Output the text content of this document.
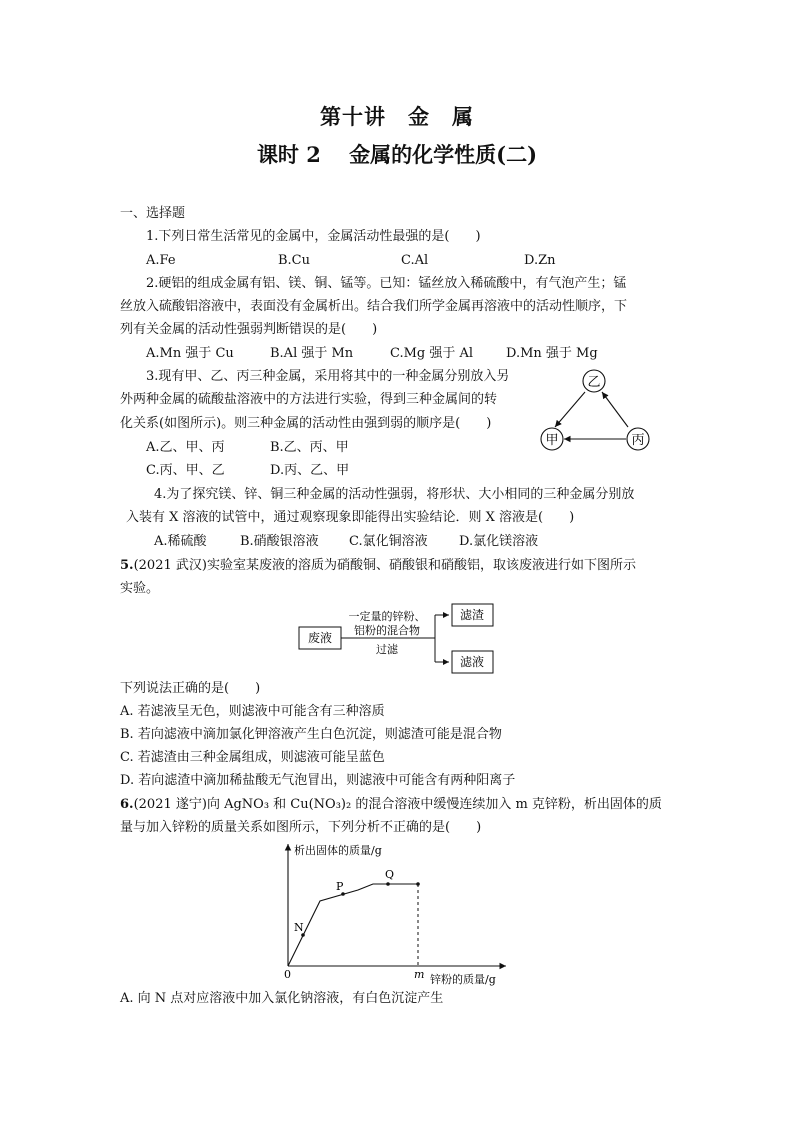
第十讲　金　属
课时 2　 金属的化学性质(二)
一、选择题
1.下列日常生活常见的金属中，金属活动性最强的是(　　)
A.Fe	B.Cu	C.Al	D.Zn
2.硬铝的组成金属有铝、镁、铜、锰等。已知：锰丝放入稀硫酸中，有气泡产生；锰
丝放入硫酸铝溶液中，表面没有金属析出。结合我们所学金属再溶液中的活动性顺序，下
列有关金属的活动性强弱判断错误的是(　　)
A.Mn 强于 Cu	B.Al 强于 Mn	C.Mg 强于 Al	D.Mn 强于 Mg
3.现有甲、乙、丙三种金属，采用将其中的一种金属分别放入另
外两种金属的硫酸盐溶液中的方法进行实验，得到三种金属间的转
化关系(如图所示)。则三种金属的活动性由强到弱的顺序是(　　)
A.乙、甲、丙	B.乙、丙、甲
C.丙、甲、乙	D.丙、乙、甲
乙
甲	丙
4.为了探究镁、锌、铜三种金属的活动性强弱，将形状、大小相同的三种金属分别放
入装有 X 溶液的试管中，通过观察现象即能得出实验结论．则 X 溶液是(　　)
A.稀硫酸	B.硝酸银溶液 C.氯化铜溶液 D.氯化镁溶液
5.(2021 武汉)实验室某废液的溶质为硝酸铜、硝酸银和硝酸铝，取该废液进行如下图所示
实验。
废液
一定量的锌粉、
铝粉的混合物
过滤
滤渣
滤液
下列说法正确的是(　　)
A. 若滤液呈无色，则滤液中可能含有三种溶质
B. 若向滤液中滴加氯化钾溶液产生白色沉淀，则滤渣可能是混合物
C. 若滤渣由三种金属组成，则滤液可能呈蓝色
D. 若向滤渣中滴加稀盐酸无气泡冒出，则滤液中可能含有两种阳离子
6.(2021 遂宁)向 AgNO₃ 和 Cu(NO₃)₂ 的混合溶液中缓慢连续加入 m 克锌粉，析出固体的质
量与加入锌粉的质量关系如图所示，下列分析不正确的是(　　)
析出固体的质量/g
锌粉的质量/g
0	m
N
P
Q
A. 向 N 点对应溶液中加入氯化钠溶液，有白色沉淀产生
